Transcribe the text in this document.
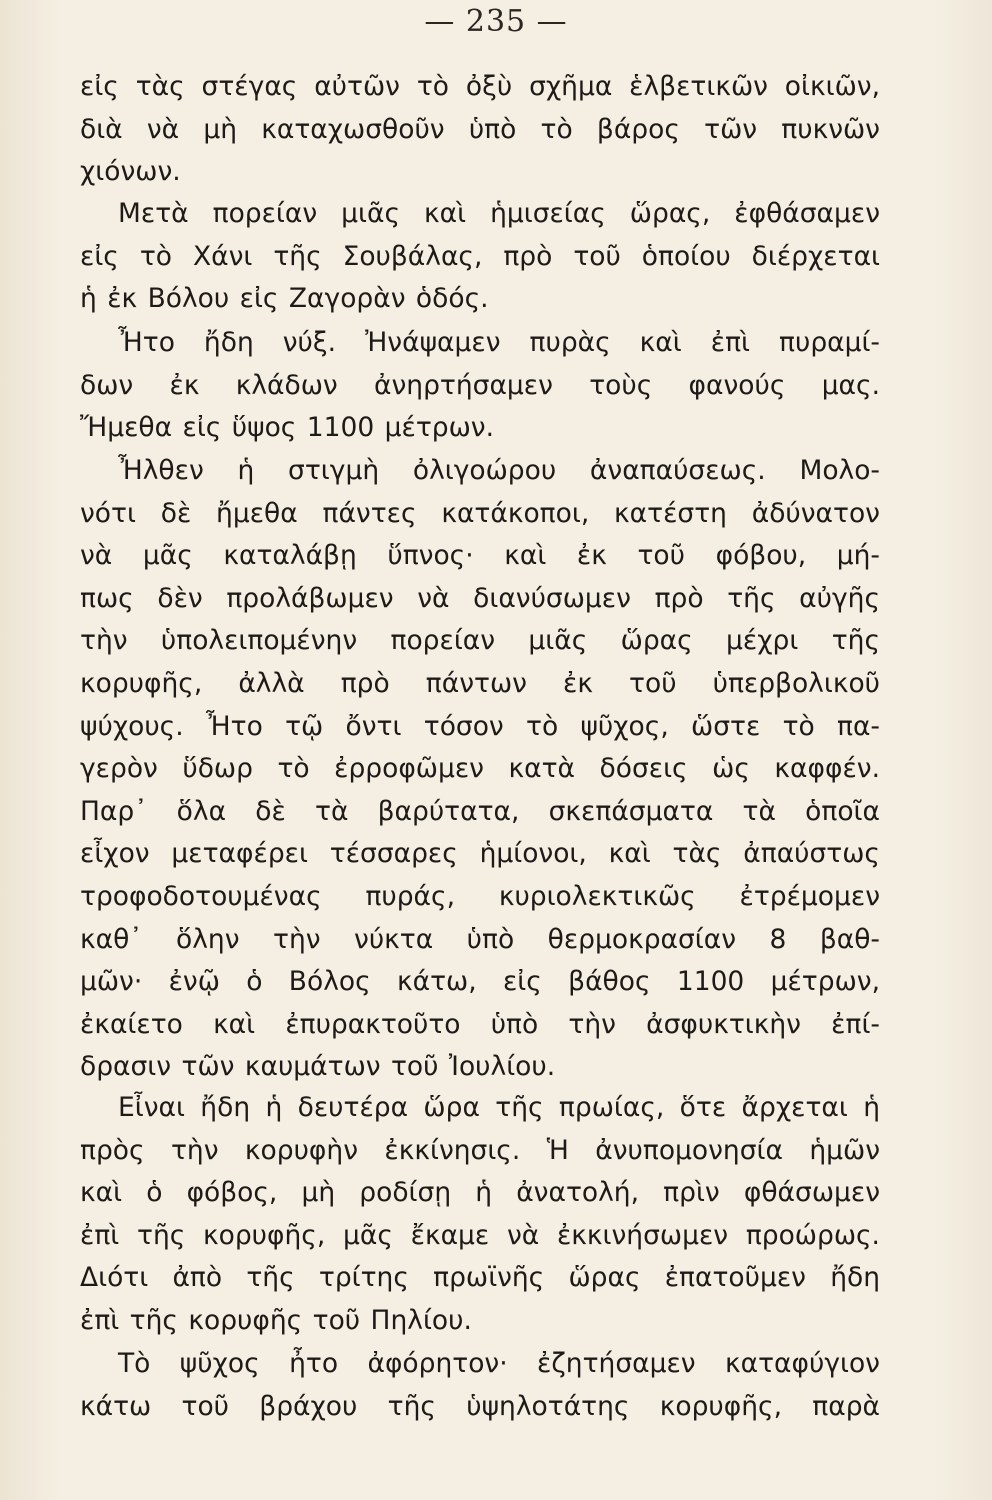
— 235 —
εἰς τὰς στέγας αὐτῶν τὸ ὀξὺ σχῆμα ἑλβετικῶν οἰκιῶν,
διὰ νὰ μὴ καταχωσθοῦν ὑπὸ τὸ βάρος τῶν πυκνῶν
χιόνων.
Μετὰ πορείαν μιᾶς καὶ ἡμισείας ὥρας, ἐφθάσαμεν
εἰς τὸ Χάνι τῆς Σουβάλας, πρὸ τοῦ ὁποίου διέρχεται
ἡ ἐκ Βόλου εἰς Ζαγορὰν ὁδός.
Ἦτο ἤδη νύξ. Ἠνάψαμεν πυρὰς καὶ ἐπὶ πυραμί-
δων ἐκ κλάδων ἀνηρτήσαμεν τοὺς φανούς μας.
Ἤμεθα εἰς ὕψος 1100 μέτρων.
Ἦλθεν ἡ στιγμὴ ὀλιγοώρου ἀναπαύσεως. Μολο-
νότι δὲ ἤμεθα πάντες κατάκοποι, κατέστη ἀδύνατον
νὰ μᾶς καταλάβῃ ὕπνος· καὶ ἐκ τοῦ φόβου, μή-
πως δὲν προλάβωμεν νὰ διανύσωμεν πρὸ τῆς αὐγῆς
τὴν ὑπολειπομένην πορείαν μιᾶς ὥρας μέχρι τῆς
κορυφῆς, ἀλλὰ πρὸ πάντων ἐκ τοῦ ὑπερβολικοῦ
ψύχους. Ἦτο τῷ ὄντι τόσον τὸ ψῦχος, ὥστε τὸ πα-
γερὸν ὕδωρ τὸ ἐρροφῶμεν κατὰ δόσεις ὡς καφφέν.
Παρ᾽ ὅλα δὲ τὰ βαρύτατα, σκεπάσματα τὰ ὁποῖα
εἶχον μεταφέρει τέσσαρες ἡμίονοι, καὶ τὰς ἀπαύστως
τροφοδοτουμένας πυράς, κυριολεκτικῶς ἐτρέμομεν
καθ᾽ ὅλην τὴν νύκτα ὑπὸ θερμοκρασίαν 8 βαθ-
μῶν· ἐνῷ ὁ Βόλος κάτω, εἰς βάθος 1100 μέτρων,
ἐκαίετο καὶ ἐπυρακτοῦτο ὑπὸ τὴν ἀσφυκτικὴν ἐπί-
δρασιν τῶν καυμάτων τοῦ Ἰουλίου.
Εἶναι ἤδη ἡ δευτέρα ὥρα τῆς πρωίας, ὅτε ἄρχεται ἡ
πρὸς τὴν κορυφὴν ἐκκίνησις. Ἡ ἀνυπομονησία ἡμῶν
καὶ ὁ φόβος, μὴ ροδίσῃ ἡ ἀνατολή, πρὶν φθάσωμεν
ἐπὶ τῆς κορυφῆς, μᾶς ἔκαμε νὰ ἐκκινήσωμεν προώρως.
Διότι ἀπὸ τῆς τρίτης πρωϊνῆς ὥρας ἐπατοῦμεν ἤδη
ἐπὶ τῆς κορυφῆς τοῦ Πηλίου.
Τὸ ψῦχος ἦτο ἀφόρητον· ἐζητήσαμεν καταφύγιον
κάτω τοῦ βράχου τῆς ὑψηλοτάτης κορυφῆς, παρὰ
